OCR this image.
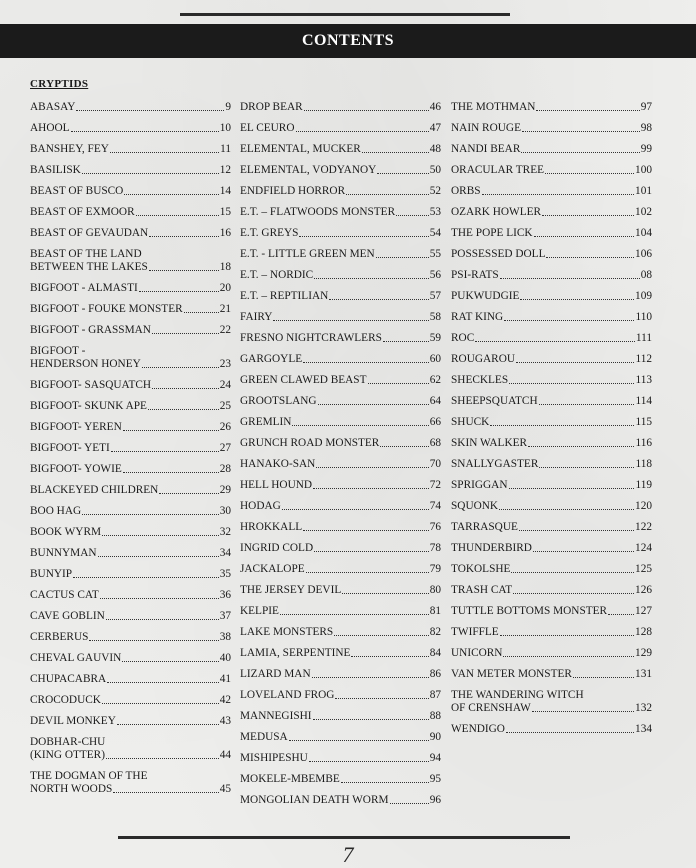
CONTENTS
CRYPTIDS
ABASAY	9
AHOOL	10
BANSHEY, FEY	11
BASILISK	12
BEAST OF BUSCO	14
BEAST OF EXMOOR	15
BEAST OF GEVAUDAN	16
BEAST OF THE LAND
BETWEEN THE LAKES	18
BIGFOOT - ALMASTI	20
BIGFOOT - FOUKE MONSTER	21
BIGFOOT - GRASSMAN	22
BIGFOOT -
HENDERSON HONEY	23
BIGFOOT- SASQUATCH	24
BIGFOOT- SKUNK APE	25
BIGFOOT- YEREN	26
BIGFOOT- YETI	27
BIGFOOT- YOWIE	28
BLACKEYED CHILDREN	29
BOO HAG	30
BOOK WYRM	32
BUNNYMAN	34
BUNYIP	35
CACTUS CAT	36
CAVE GOBLIN	37
CERBERUS	38
CHEVAL GAUVIN	40
CHUPACABRA	41
CROCODUCK	42
DEVIL MONKEY	43
DOBHAR-CHU
(KING OTTER)	44
THE DOGMAN OF THE
NORTH WOODS	45
DROP BEAR	46
EL CEURO	47
ELEMENTAL, MUCKER	48
ELEMENTAL, VODYANOY	50
ENDFIELD HORROR	52
E.T. – FLATWOODS MONSTER	53
E.T. GREYS	54
E.T. - LITTLE GREEN MEN	55
E.T. – NORDIC	56
E.T. – REPTILIAN	57
FAIRY	58
FRESNO NIGHTCRAWLERS	59
GARGOYLE	60
GREEN CLAWED BEAST	62
GROOTSLANG	64
GREMLIN	66
GRUNCH ROAD MONSTER	68
HANAKO-SAN	70
HELL HOUND	72
HODAG	74
HROKKALL	76
INGRID COLD	78
JACKALOPE	79
THE JERSEY DEVIL	80
KELPIE	81
LAKE MONSTERS	82
LAMIA, SERPENTINE	84
LIZARD MAN	86
LOVELAND FROG	87
MANNEGISHI	88
MEDUSA	90
MISHIPESHU	94
MOKELE-MBEMBE	95
MONGOLIAN DEATH WORM	96
THE MOTHMAN	97
NAIN ROUGE	98
NANDI BEAR	99
ORACULAR TREE	100
ORBS	101
OZARK HOWLER	102
THE POPE LICK	104
POSSESSED DOLL	106
PSI-RATS	08
PUKWUDGIE	109
RAT KING	110
ROC	111
ROUGAROU	112
SHECKLES	113
SHEEPSQUATCH	114
SHUCK	115
SKIN WALKER	116
SNALLYGASTER	118
SPRIGGAN	119
SQUONK	120
TARRASQUE	122
THUNDERBIRD	124
TOKOLSHE	125
TRASH CAT	126
TUTTLE BOTTOMS MONSTER 127
TWIFFLE	128
UNICORN	129
VAN METER MONSTER	131
THE WANDERING WITCH
OF CRENSHAW	132
WENDIGO	134
7
